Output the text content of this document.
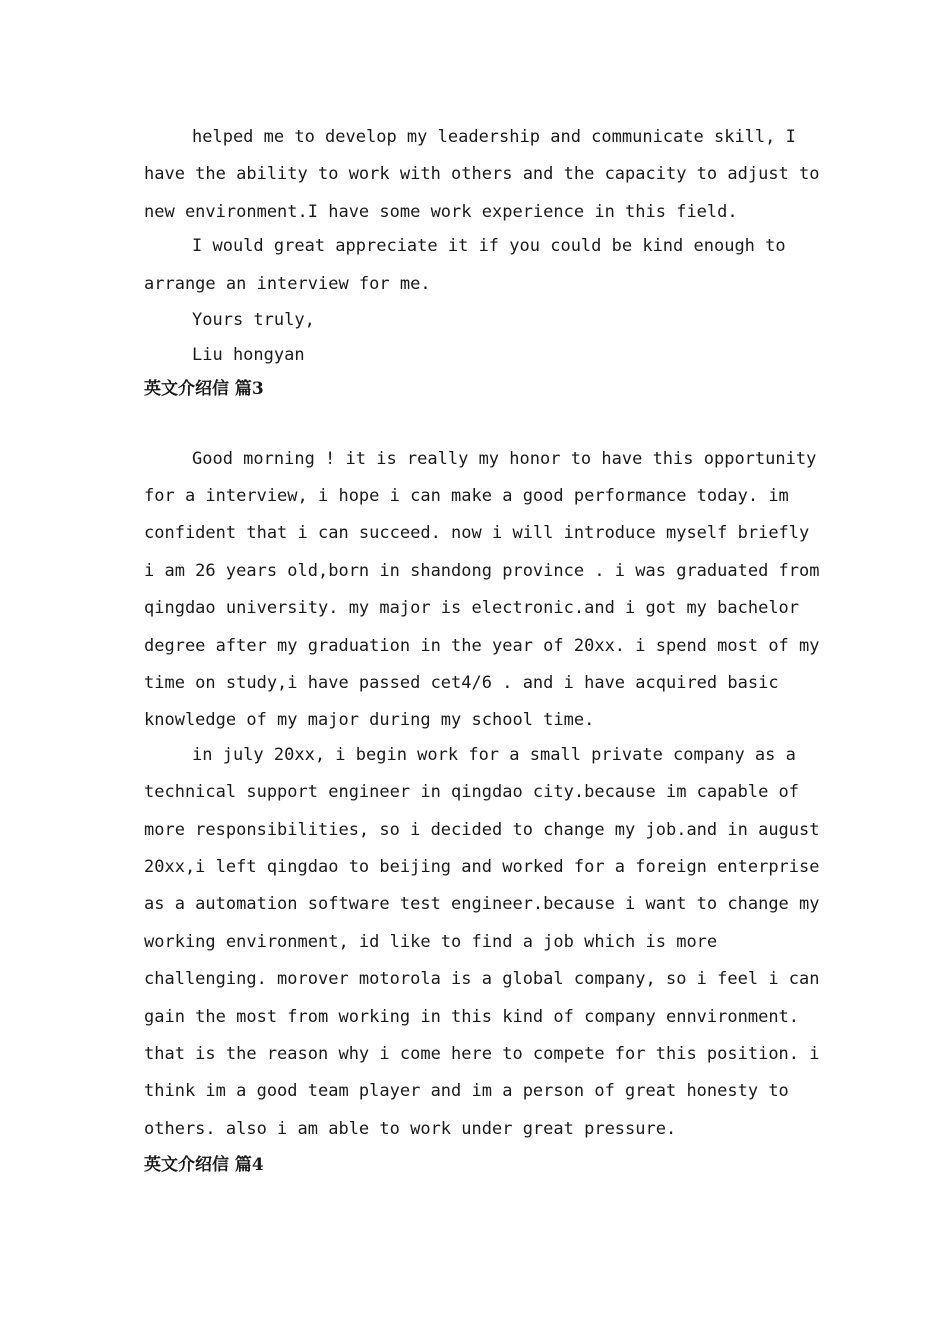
helped me to develop my leadership and communicate skill, I have the ability to work with others and the capacity to adjust to new environment.I have some work experience in this field.

I would great appreciate it if you could be kind enough to arrange an interview for me.

Yours truly,

Liu hongyan

英文介绍信 篇3

Good morning ! it is really my honor to have this opportunity for a interview, i hope i can make a good performance today. im confident that i can succeed. now i will introduce myself briefly i am 26 years old,born in shandong province . i was graduated from qingdao university. my major is electronic.and i got my bachelor degree after my graduation in the year of 20xx. i spend most of my time on study,i have passed cet4/6 . and i have acquired basic knowledge of my major during my school time.

in july 20xx, i begin work for a small private company as a technical support engineer in qingdao city.because im capable of more responsibilities, so i decided to change my job.and in august 20xx,i left qingdao to beijing and worked for a foreign enterprise as a automation software test engineer.because i want to change my working environment, id like to find a job which is more challenging. morover motorola is a global company, so i feel i can gain the most from working in this kind of company ennvironment. that is the reason why i come here to compete for this position. i think im a good team player and im a person of great honesty to others. also i am able to work under great pressure.

英文介绍信 篇4
